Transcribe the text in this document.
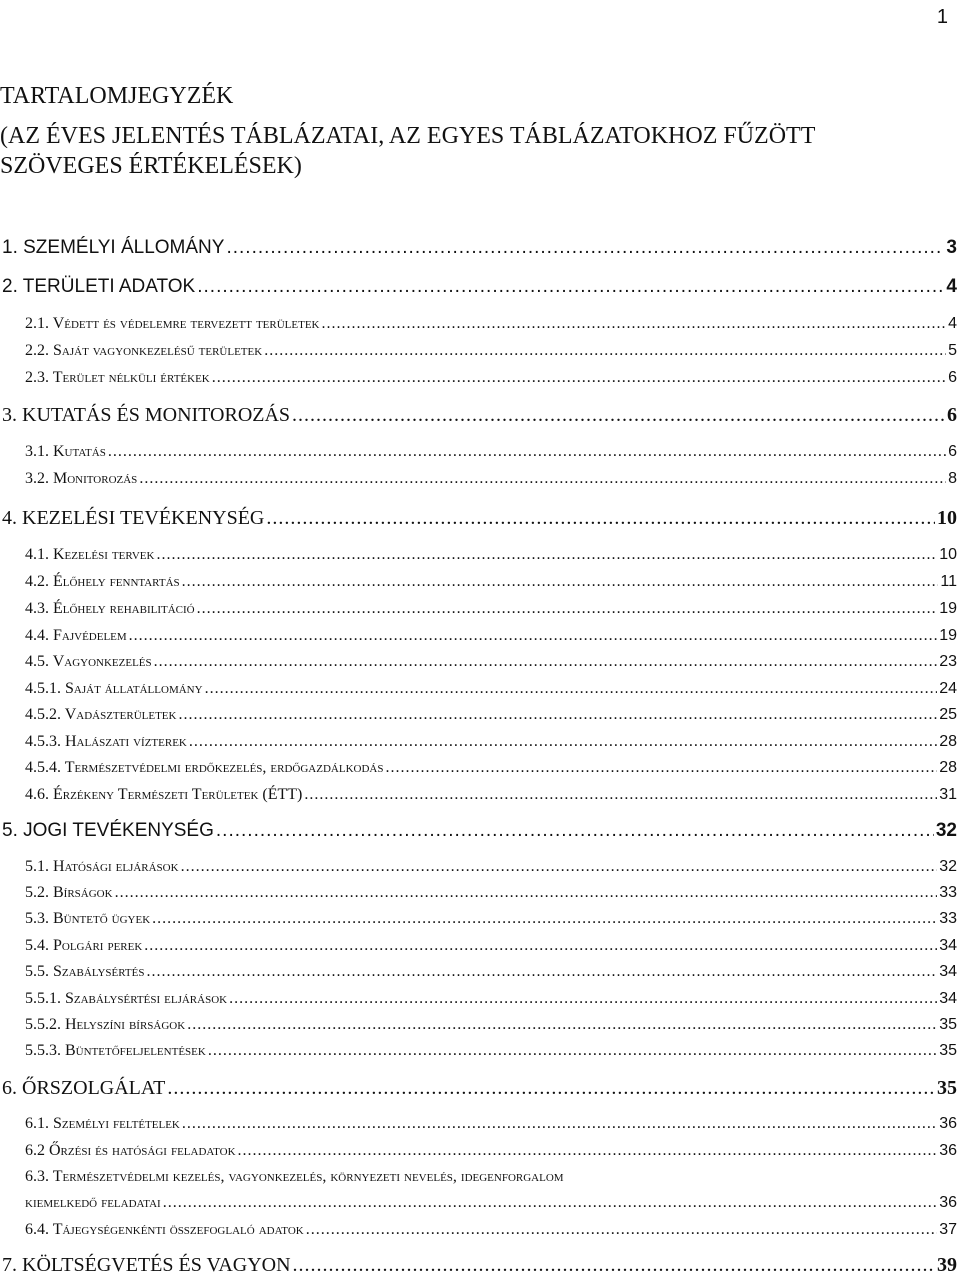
1
TARTALOMJEGYZÉK
(AZ ÉVES JELENTÉS TÁBLÁZATAI, AZ EGYES TÁBLÁZATOKHOZ FŰZÖTT
SZÖVEGES ÉRTÉKELÉSEK)
1. SZEMÉLYI ÁLLOMÁNY .....	3
2. TERÜLETI ADATOK .....	4
2.1. Védett és védelemre tervezett területek .....	4
2.2. Saját vagyonkezelésű területek .....	5
2.3. Terület nélküli értékek .....	6
3. KUTATÁS ÉS MONITOROZÁS .....	6
3.1. Kutatás .....	6
3.2. Monitorozás .....	8
4. KEZELÉSI TEVÉKENYSÉG .....	10
4.1. Kezelési tervek .....	10
4.2. Élőhely fenntartás .....	11
4.3. Élőhely rehabilitáció .....	19
4.4. Fajvédelem .....	19
4.5. Vagyonkezelés .....	23
4.5.1. Saját állatállomány .....	24
4.5.2. Vadászterületek .....	25
4.5.3. Halászati vízterek .....	28
4.5.4. Természetvédelmi erdőkezelés, erdőgazdálkodás .....	28
4.6. Érzékeny Természeti Területek (ÉTT) .....	31
5. JOGI TEVÉKENYSÉG .....	32
5.1. Hatósági eljárások .....	32
5.2. Bírságok .....	33
5.3. Büntető ügyek .....	33
5.4. Polgári perek .....	34
5.5. Szabálysértés .....	34
5.5.1. Szabálysértési eljárások .....	34
5.5.2. Helyszíni bírságok .....	35
5.5.3. Büntetőfeljelentések .....	35
6. ŐRSZOLGÁLAT .....	35
6.1. Személyi feltételek .....	36
6.2 Őrzési és hatósági feladatok .....	36
6.3. Természetvédelmi kezelés, vagyonkezelés, környezeti nevelés, idegenforgalom
kiemelkedő feladatai .....	36
6.4. Tájegységenkénti összefoglaló adatok .....	37
7. KÖLTSÉGVETÉS ÉS VAGYON .....	39
